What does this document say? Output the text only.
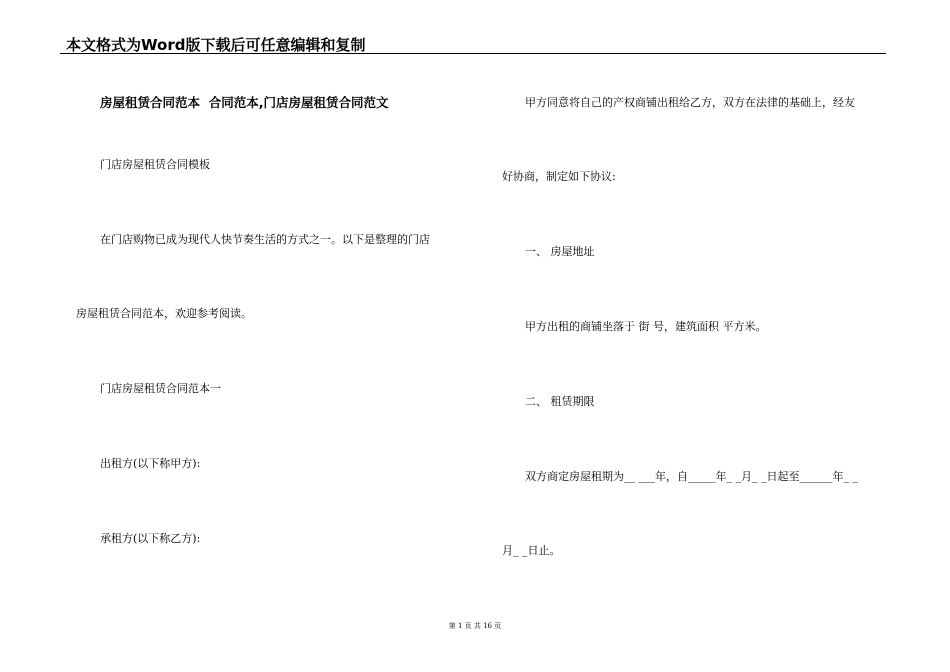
本文格式为Word版下载后可任意编辑和复制
房屋租赁合同范本  合同范本,门店房屋租赁合同范文
门店房屋租赁合同模板
在门店购物已成为现代人快节奏生活的方式之一。以下是整理的门店
房屋租赁合同范本，欢迎参考阅读。
门店房屋租赁合同范本一
出租方(以下称甲方):
承租方(以下称乙方):
甲方同意将自己的产权商铺出租给乙方，双方在法律的基础上，经友
好协商，制定如下协议:
一、 房屋地址
甲方出租的商铺坐落于 街 号，建筑面积 平方米。
二、 租赁期限
双方商定房屋租期为__ ___年，自_____年_ _月_ _日起至______年_ _
月_ _日止。
第 1 页 共 16 页
